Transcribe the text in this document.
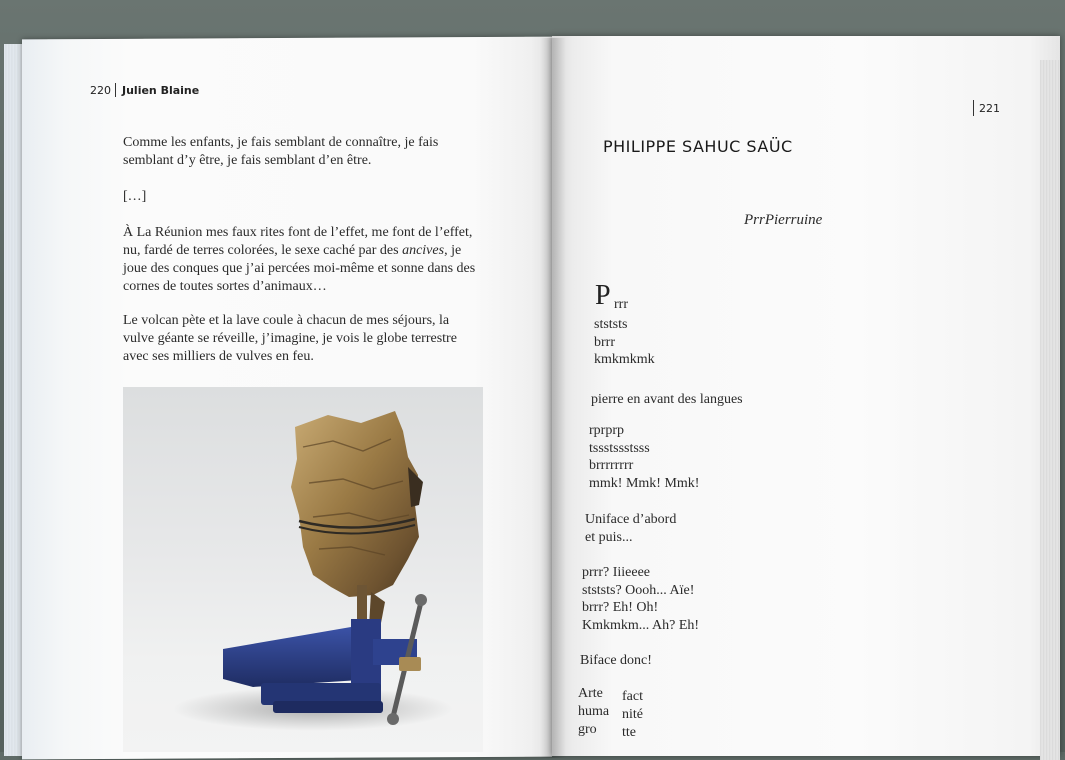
220 Julien Blaine

Comme les enfants, je fais semblant de connaître, je fais semblant d’y être, je fais semblant d’en être.

[…]

À La Réunion mes faux rites font de l’effet, me font de l’effet, nu, fardé de terres colorées, le sexe caché par des ancives, je joue des conques que j’ai percées moi-même et sonne dans des cornes de toutes sortes d’animaux…

Le volcan pète et la lave coule à chacun de mes séjours, la vulve géante se réveille, j’imagine, je vois le globe terrestre avec ses milliers de vulves en feu.

221
PHILIPPE SAHUC SAÜC
PrrPierruine
P rrr
stststs
brrr
kmkmkmk
pierre en avant des langues
rprprp
tssstssstsss
brrrrrrrr
mmk! Mmk! Mmk!
Uniface d’abord
et puis...
prrr? Iiieeee
stststs? Oooh... Aïe!
brrr? Eh! Oh!
Kmkmkm... Ah? Eh!
Biface donc!
Arte
huma
gro
fact
nité
tte
